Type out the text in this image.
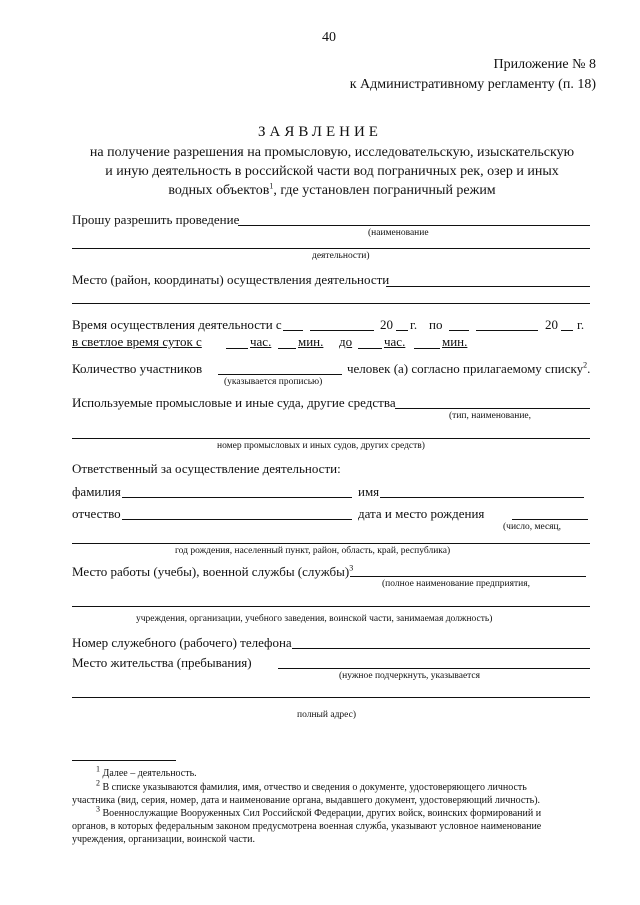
40
Приложение № 8
к Административному регламенту (п. 18)
ЗАЯВЛЕНИЕ
на получение разрешения на промысловую, исследовательскую, изыскательскую
и иную деятельность в российской части вод пограничных рек, озер и иных
водных объектов$^1$, где установлен пограничный режим
Прошу разрешить проведение
(наименование
деятельности)
Место (район, координаты) осуществления деятельности
Время осуществления деятельности с	20 г. по	20 г.
в светлое время суток с	час. мин. до час.	мин.
Количество участников	человек (а) согласно прилагаемому списку$^2$.
(указывается прописью)
Используемые промысловые и иные суда, другие средства
(тип, наименование,
номер промысловых и иных судов, других средств)
Ответственный за осуществление деятельности:
фамилия	имя
отчество	дата и место рождения
(число, месяц,
год рождения, населенный пункт, район, область, край, республика)
Место работы (учебы), военной службы (службы)$^3$
(полное наименование предприятия,
учреждения, организации, учебного заведения, воинской части, занимаемая должность)
Номер служебного (рабочего) телефона
Место жительства (пребывания)
(нужное подчеркнуть, указывается
полный адрес)
$^1$ Далее – деятельность.
$^2$ В списке указываются фамилия, имя, отчество и сведения о документе, удостоверяющего личность
участника (вид, серия, номер, дата и наименование органа, выдавшего документ, удостоверяющий личность).
$^3$ Военнослужащие Вооруженных Сил Российской Федерации, других войск, воинских формирований и
органов, в которых федеральным законом предусмотрена военная служба, указывают условное наименование
учреждения, организации, воинской части.
